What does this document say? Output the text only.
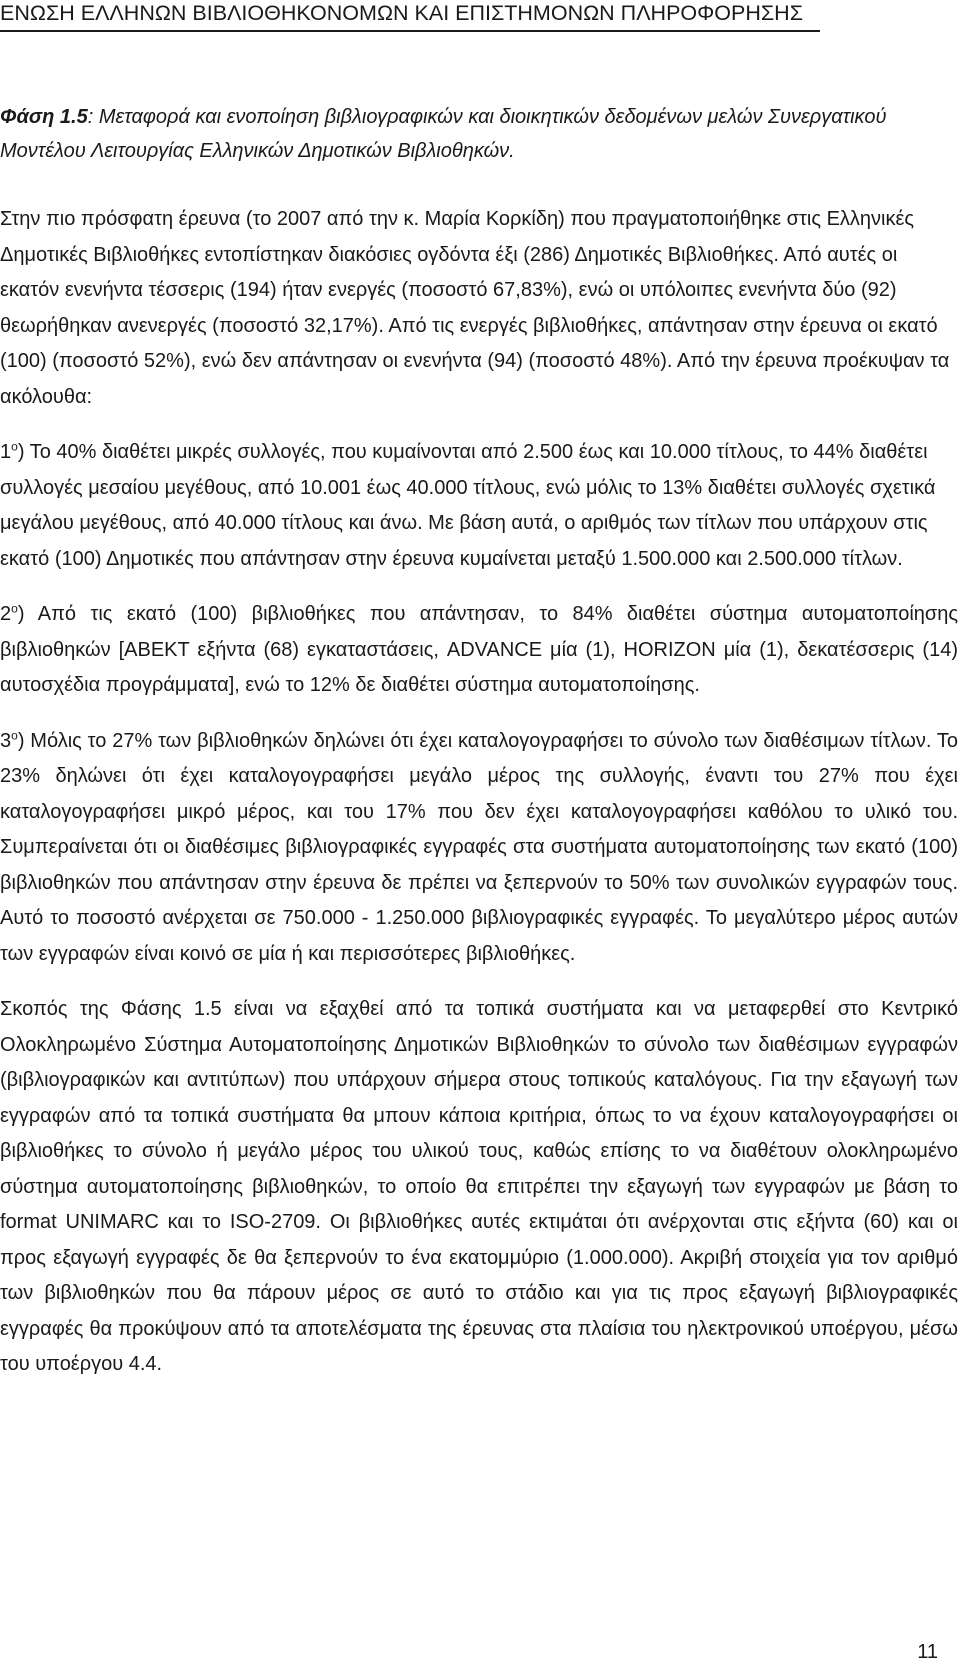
ΕΝΩΣΗ ΕΛΛΗΝΩΝ ΒΙΒΛΙΟΘΗΚΟΝΟΜΩΝ ΚΑΙ ΕΠΙΣΤΗΜΟΝΩΝ ΠΛΗΡΟΦΟΡΗΣΗΣ

Φάση 1.5: Μεταφορά και ενοποίηση βιβλιογραφικών και διοικητικών δεδομένων μελών Συνεργατικού Μοντέλου Λειτουργίας Ελληνικών Δημοτικών Βιβλιοθηκών.

Στην πιο πρόσφατη έρευνα (το 2007 από την κ. Μαρία Κορκίδη) που πραγματοποιήθηκε στις Ελληνικές Δημοτικές Βιβλιοθήκες εντοπίστηκαν διακόσιες ογδόντα έξι (286) Δημοτικές Βιβλιοθήκες. Από αυτές οι εκατόν ενενήντα τέσσερις (194) ήταν ενεργές (ποσοστό 67,83%), ενώ οι υπόλοιπες ενενήντα δύο (92) θεωρήθηκαν ανενεργές (ποσοστό 32,17%). Από τις ενεργές βιβλιοθήκες, απάντησαν στην έρευνα οι εκατό (100) (ποσοστό 52%), ενώ δεν απάντησαν οι ενενήντα (94) (ποσοστό 48%). Από την έρευνα προέκυψαν τα ακόλουθα:

$1^o$) Το 40% διαθέτει μικρές συλλογές, που κυμαίνονται από 2.500 έως και 10.000 τίτλους, το 44% διαθέτει συλλογές μεσαίου μεγέθους, από 10.001 έως 40.000 τίτλους, ενώ μόλις το 13% διαθέτει συλλογές σχετικά μεγάλου μεγέθους, από 40.000 τίτλους και άνω. Με βάση αυτά, ο αριθμός των τίτλων που υπάρχουν στις εκατό (100) Δημοτικές που απάντησαν στην έρευνα κυμαίνεται μεταξύ 1.500.000 και 2.500.000 τίτλων.

$2^o$) Από τις εκατό (100) βιβλιοθήκες που απάντησαν, το 84% διαθέτει σύστημα αυτοματοποίησης βιβλιοθηκών [ΑΒΕΚΤ εξήντα (68) εγκαταστάσεις, ADVANCE μία (1), HORIZON μία (1), δεκατέσσερις (14) αυτοσχέδια προγράμματα], ενώ το 12% δε διαθέτει σύστημα αυτοματοποίησης.

$3^o$) Μόλις το 27% των βιβλιοθηκών δηλώνει ότι έχει καταλογογραφήσει το σύνολο των διαθέσιμων τίτλων. Το 23% δηλώνει ότι έχει καταλογογραφήσει μεγάλο μέρος της συλλογής, έναντι του 27% που έχει καταλογογραφήσει μικρό μέρος, και του 17% που δεν έχει καταλογογραφήσει καθόλου το υλικό του. Συμπεραίνεται ότι οι διαθέσιμες βιβλιογραφικές εγγραφές στα συστήματα αυτοματοποίησης των εκατό (100) βιβλιοθηκών που απάντησαν στην έρευνα δε πρέπει να ξεπερνούν το 50% των συνολικών εγγραφών τους. Αυτό το ποσοστό ανέρχεται σε 750.000 - 1.250.000 βιβλιογραφικές εγγραφές. Το μεγαλύτερο μέρος αυτών των εγγραφών είναι κοινό σε μία ή και περισσότερες βιβλιοθήκες.

Σκοπός της Φάσης 1.5 είναι να εξαχθεί από τα τοπικά συστήματα και να μεταφερθεί στο Κεντρικό Ολοκληρωμένο Σύστημα Αυτοματοποίησης Δημοτικών Βιβλιοθηκών το σύνολο των διαθέσιμων εγγραφών (βιβλιογραφικών και αντιτύπων) που υπάρχουν σήμερα στους τοπικούς καταλόγους. Για την εξαγωγή των εγγραφών από τα τοπικά συστήματα θα μπουν κάποια κριτήρια, όπως το να έχουν καταλογογραφήσει οι βιβλιοθήκες το σύνολο ή μεγάλο μέρος του υλικού τους, καθώς επίσης το να διαθέτουν ολοκληρωμένο σύστημα αυτοματοποίησης βιβλιοθηκών, το οποίο θα επιτρέπει την εξαγωγή των εγγραφών με βάση το format UNIMARC και το ISO-2709. Οι βιβλιοθήκες αυτές εκτιμάται ότι ανέρχονται στις εξήντα (60) και οι προς εξαγωγή εγγραφές δε θα ξεπερνούν το ένα εκατομμύριο (1.000.000). Ακριβή στοιχεία για τον αριθμό των βιβλιοθηκών που θα πάρουν μέρος σε αυτό το στάδιο και για τις προς εξαγωγή βιβλιογραφικές εγγραφές θα προκύψουν από τα αποτελέσματα της έρευνας στα πλαίσια του ηλεκτρονικού υποέργου, μέσω του υποέργου 4.4.

11
